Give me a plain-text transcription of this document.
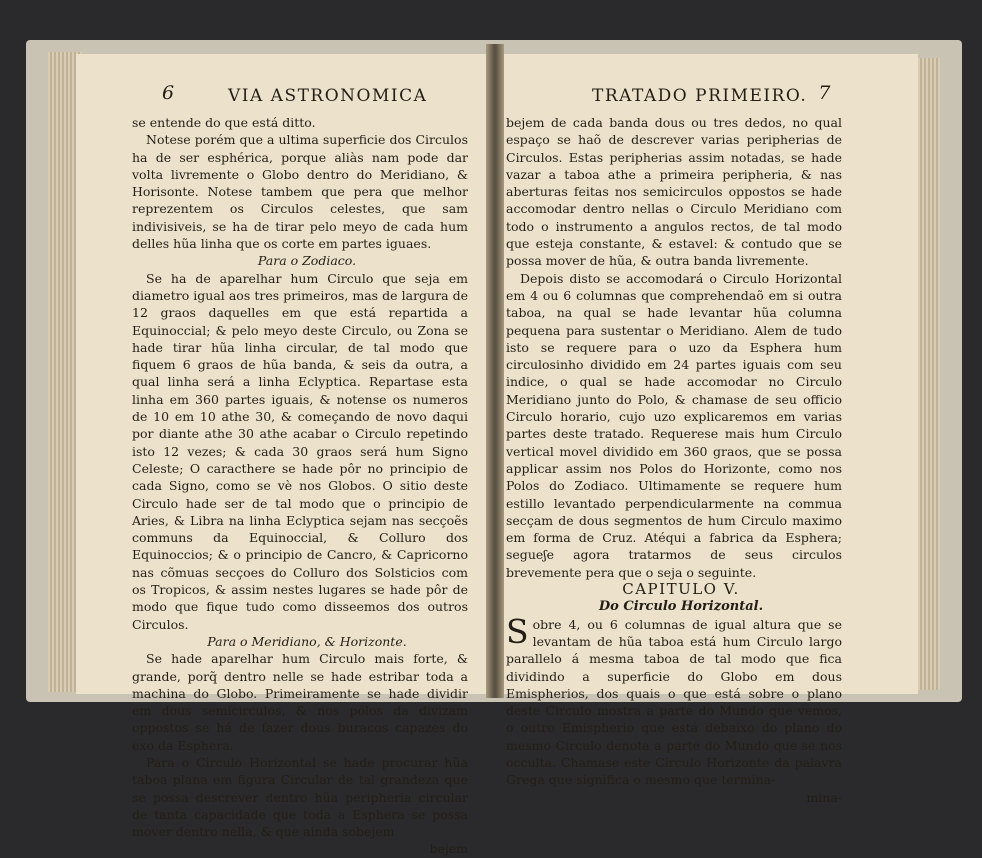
6	VIA ASTRONOMICA

se entende do que está ditto.

Notese porém que a ultima superficie dos Circulos ha de ser esphérica, porque aliàs nam pode dar volta livremente o Globo dentro do Meridiano, & Horisonte. Notese tambem que pera que melhor reprezentem os Circulos celestes, que sam indivisiveis, se ha de tirar pelo meyo de cada hum delles hũa linha que os corte em partes iguaes.

Para o Zodiaco.

Se ha de aparelhar hum Circulo que seja em diametro igual aos tres primeiros, mas de largura de 12 graos daquelles em que está repartida a Equinoccial; & pelo meyo deste Circulo, ou Zona se hade tirar hũa linha circular, de tal modo que fiquem 6 graos de hũa banda, & seis da outra, a qual linha será a linha Eclyptica. Repartase esta linha em 360 partes iguais, & notense os numeros de 10 em 10 athe 30, & começando de novo daqui por diante athe 30 athe acabar o Circulo repetindo isto 12 vezes; & cada 30 graos será hum Signo Celeste; O caracthere se hade pôr no principio de cada Signo, como se vè nos Globos. O sitio deste Circulo hade ser de tal modo que o principio de Aries, & Libra na linha Eclyptica sejam nas secçoẽs communs da Equinoccial, & Colluro dos Equinoccios; & o principio de Cancro, & Capricorno nas cõmuas secçoes do Colluro dos Solsticios com os Tropicos, & assim nestes lugares se hade pôr de modo que fique tudo como disseemos dos outros Circulos.

Para o Meridiano, & Horizonte.

Se hade aparelhar hum Circulo mais forte, & grande, porq̃ dentro nelle se hade estribar toda a machina do Globo. Primeiramente se hade dividir em dous semicirculos, & nos pólos da divizam oppostos se há de fazer dous buracos capazes do exo da Esphera.

Para o Circulo Horizontal se hade procurar hũa taboa plana em figura Circular de tal grandeza que se possa descrever dentro hũa peripheria circular de tanta capacidade que toda a Esphera se possa mover dentro nella, & que ainda sobejem

bejem

TRATADO PRIMEIRO. 7

bejem de cada banda dous ou tres dedos, no qual espaço se haõ de descrever varias peripherias de Circulos. Estas peripherias assim notadas, se hade vazar a taboa athe a primeira peripheria, & nas aberturas feitas nos semicirculos oppostos se hade accomodar dentro nellas o Circulo Meridiano com todo o instrumento a angulos rectos, de tal modo que esteja constante, & estavel: & contudo que se possa mover de hũa, & outra banda livremente.

Depois disto se accomodará o Circulo Horizontal em 4 ou 6 columnas que comprehendaõ em si outra taboa, na qual se hade levantar hũa columna pequena para sustentar o Meridiano. Alem de tudo isto se requere para o uzo da Esphera hum circulosinho dividido em 24 partes iguais com seu indice, o qual se hade accomodar no Circulo Meridiano junto do Polo, & chamase de seu officio Circulo horario, cujo uzo explicaremos em varias partes deste tratado. Requerese mais hum Circulo vertical movel dividido em 360 graos, que se possa applicar assim nos Polos do Horizonte, como nos Polos do Zodiaco. Ultimamente se requere hum estillo levantado perpendicularmente na commua secçam de dous segmentos de hum Circulo maximo em forma de Cruz. Atéqui a fabrica da Esphera; segueʃe agora tratarmos de seus circulos brevemente pera que o seja o seguinte.

CAPITULO V.

Do Circulo Horizontal.

Sobre 4, ou 6 columnas de igual altura que se levantam de hũa taboa está hum Circulo largo parallelo á mesma taboa de tal modo que fica dividindo a superficie do Globo em dous Emispherios, dos quais o que está sobre o plano deste Circulo mostra a parte do Mundo que vemos, o outro Emispherio que está debaixo do plano do mesmo Circulo denota a parte do Mundo que se nos occulta. Chamase este Circulo Horizonte da palavra Grega que significa o mesmo que termina-

mina-
